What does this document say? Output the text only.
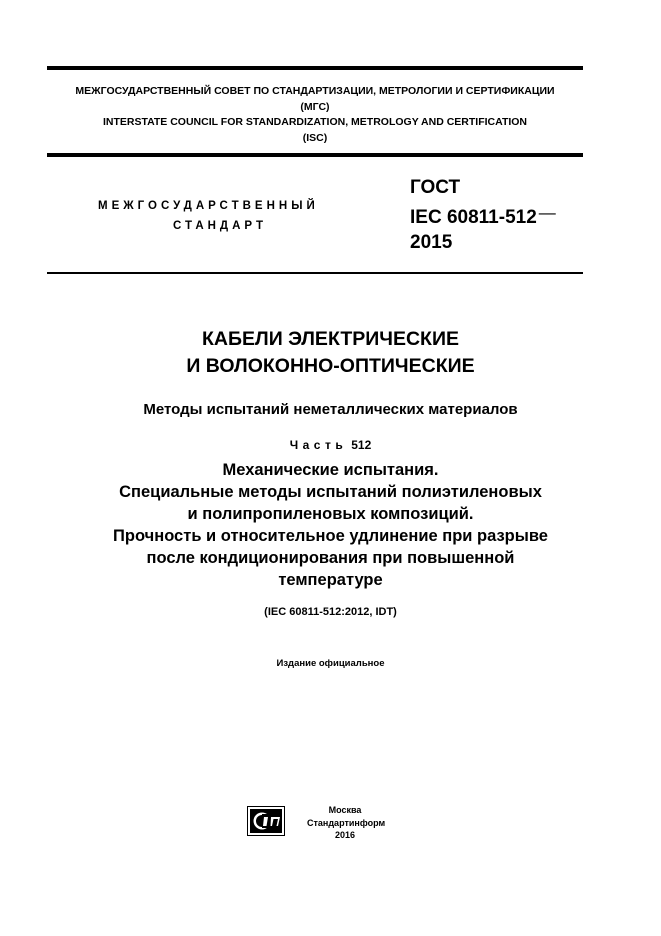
МЕЖГОСУДАРСТВЕННЫЙ СОВЕТ ПО СТАНДАРТИЗАЦИИ, МЕТРОЛОГИИ И СЕРТИФИКАЦИИ
(МГС)
INTERSTATE COUNCIL FOR STANDARDIZATION, METROLOGY AND CERTIFICATION
(ISC)
МЕЖГОСУДАРСТВЕННЫЙ
СТАНДАРТ
ГОСТ
IEC 60811-512 —
2015
КАБЕЛИ ЭЛЕКТРИЧЕСКИЕ
И ВОЛОКОННО-ОПТИЧЕСКИЕ
Методы испытаний неметаллических материалов
Часть 512
Механические испытания.
Специальные методы испытаний полиэтиленовых
и полипропиленовых композиций.
Прочность и относительное удлинение при разрыве
после кондиционирования при повышенной
температуре
(IEC 60811-512:2012, IDT)
Издание официальное
Москва
Стандартинформ
2016
